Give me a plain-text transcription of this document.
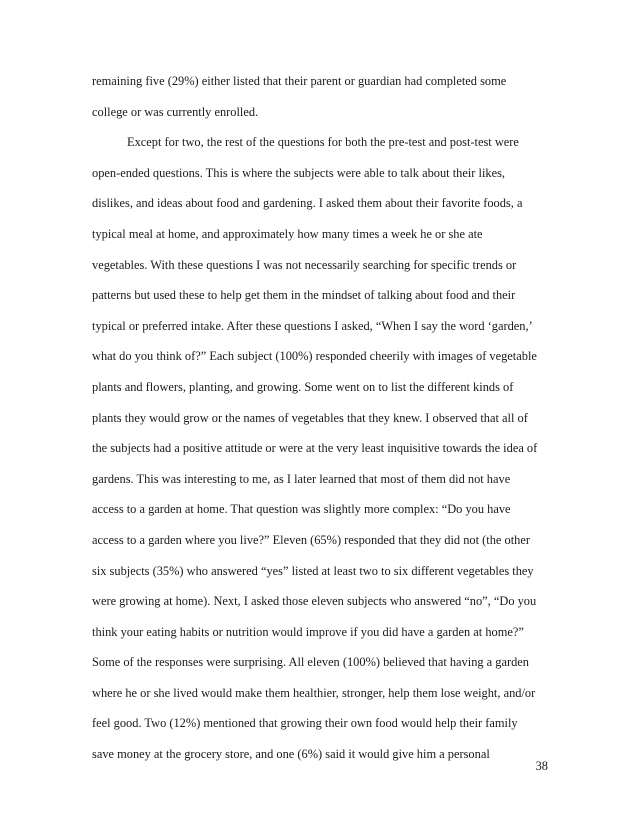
remaining five (29%) either listed that their parent or guardian had completed some
college or was currently enrolled.
Except for two, the rest of the questions for both the pre-test and post-test were
open-ended questions. This is where the subjects were able to talk about their likes,
dislikes, and ideas about food and gardening. I asked them about their favorite foods, a
typical meal at home, and approximately how many times a week he or she ate
vegetables. With these questions I was not necessarily searching for specific trends or
patterns but used these to help get them in the mindset of talking about food and their
typical or preferred intake. After these questions I asked, “When I say the word ‘garden,’
what do you think of?” Each subject (100%) responded cheerily with images of vegetable
plants and flowers, planting, and growing. Some went on to list the different kinds of
plants they would grow or the names of vegetables that they knew. I observed that all of
the subjects had a positive attitude or were at the very least inquisitive towards the idea of
gardens. This was interesting to me, as I later learned that most of them did not have
access to a garden at home. That question was slightly more complex: “Do you have
access to a garden where you live?” Eleven (65%) responded that they did not (the other
six subjects (35%) who answered “yes” listed at least two to six different vegetables they
were growing at home). Next, I asked those eleven subjects who answered “no”, “Do you
think your eating habits or nutrition would improve if you did have a garden at home?”
Some of the responses were surprising. All eleven (100%) believed that having a garden
where he or she lived would make them healthier, stronger, help them lose weight, and/or
feel good. Two (12%) mentioned that growing their own food would help their family
save money at the grocery store, and one (6%) said it would give him a personal
38
